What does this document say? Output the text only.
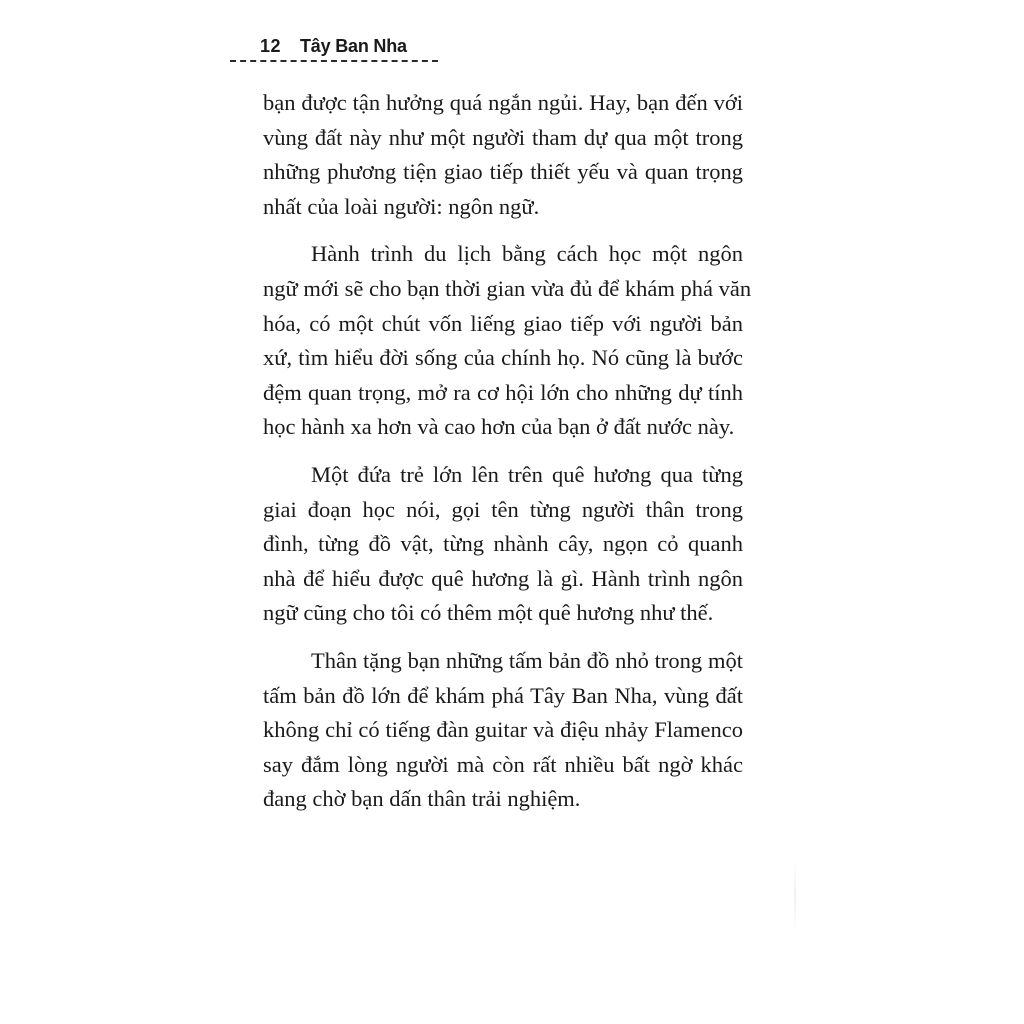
12 Tây Ban Nha

bạn được tận hưởng quá ngắn ngủi. Hay, bạn đến với
vùng đất này như một người tham dự qua một trong
những phương tiện giao tiếp thiết yếu và quan trọng
nhất của loài người: ngôn ngữ.

Hành trình du lịch bằng cách học một ngôn
ngữ mới sẽ cho bạn thời gian vừa đủ để khám phá văn
hóa, có một chút vốn liếng giao tiếp với người bản
xứ, tìm hiểu đời sống của chính họ. Nó cũng là bước
đệm quan trọng, mở ra cơ hội lớn cho những dự tính
học hành xa hơn và cao hơn của bạn ở đất nước này.

Một đứa trẻ lớn lên trên quê hương qua từng
giai đoạn học nói, gọi tên từng người thân trong
đình, từng đồ vật, từng nhành cây, ngọn cỏ quanh
nhà để hiểu được quê hương là gì. Hành trình ngôn
ngữ cũng cho tôi có thêm một quê hương như thế.

Thân tặng bạn những tấm bản đồ nhỏ trong một
tấm bản đồ lớn để khám phá Tây Ban Nha, vùng đất
không chỉ có tiếng đàn guitar và điệu nhảy Flamenco
say đắm lòng người mà còn rất nhiều bất ngờ khác
đang chờ bạn dấn thân trải nghiệm.
